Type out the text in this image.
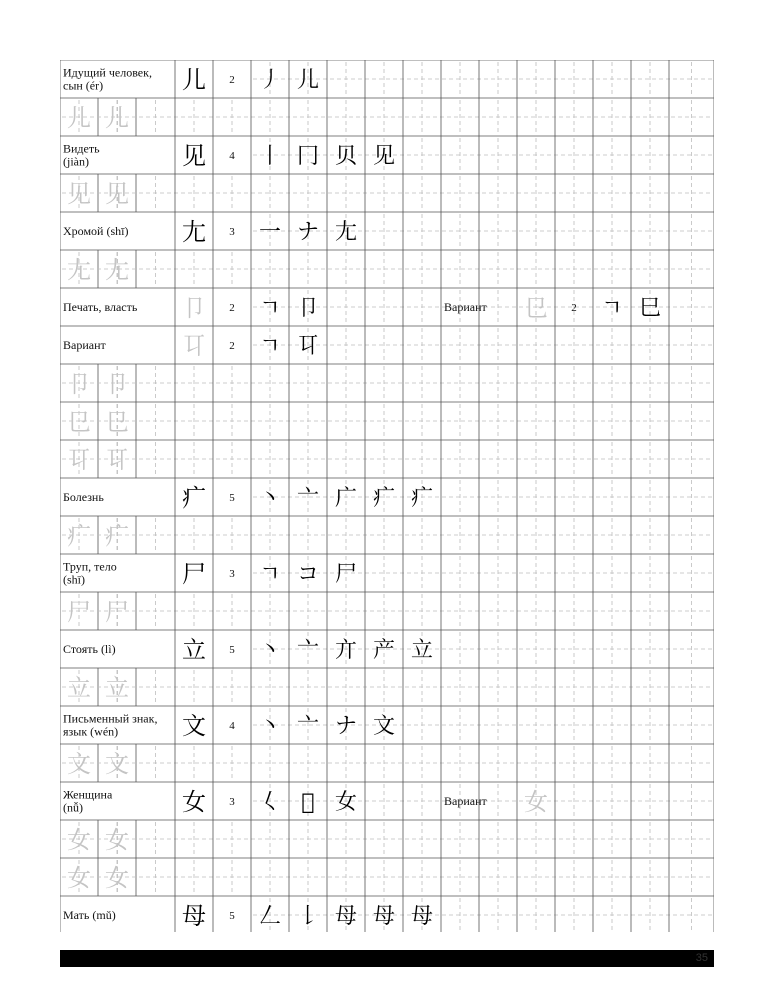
Идущий человек,
сын (ér)	儿 2 丿 儿
儿 儿
Видеть
(jiàn)	见 4 丨 冂 贝 见
见 见
Хромой (shī) 尢 3 一 ナ 尢
尢 尢
Печать, власть 卩 2 ㄱ 卩	Вариант 㔾 2 ㄱ 巳
Вариант	㔿 2 ㄱ 㔿
卩 卩
㔾 㔾
㔿 㔿
Болезнь	疒 5 丶 亠 广 疒 疒
疒 疒
Труп, тело
(shī)	尸 3 ㄱ コ 尸
尸 尸
Стоять (lì)	立 5 丶 亠 亣 产 立
立 立
Письменный знак,
язык (wén)	文 4 丶 亠 ナ 文
文 文
Женщина
(nǚ)	女 3 𡿨 𡚤 女	Вариант 女
女 女
女 女
Мать (mǔ)	母 5 𠃋 𠄌 母 母 母
35
